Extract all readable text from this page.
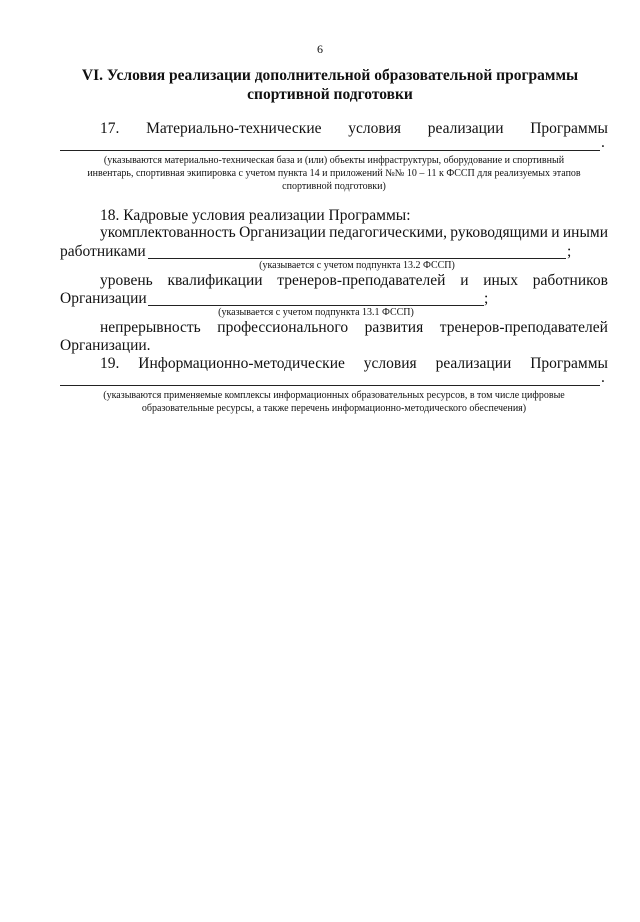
6
VI. Условия реализации дополнительной образовательной программы
спортивной подготовки
17. Материально-технические условия реализации Программы
.
(указываются материально-техническая база и (или) объекты инфраструктуры, оборудование и спортивный
инвентарь, спортивная экипировка с учетом пункта 14 и приложений №№ 10 – 11 к ФССП для реализуемых этапов
спортивной подготовки)
18. Кадровые условия реализации Программы:
укомплектованность Организации педагогическими, руководящими и иными
работниками	;
(указывается с учетом подпункта 13.2 ФССП)
уровень квалификации тренеров-преподавателей и иных работников
Организации	;
(указывается с учетом подпункта 13.1 ФССП)
непрерывность профессионального развития тренеров-преподавателей
Организации.
19. Информационно-методические условия реализации Программы
.
(указываются применяемые комплексы информационных образовательных ресурсов, в том числе цифровые
образовательные ресурсы, а также перечень информационно-методического обеспечения)
